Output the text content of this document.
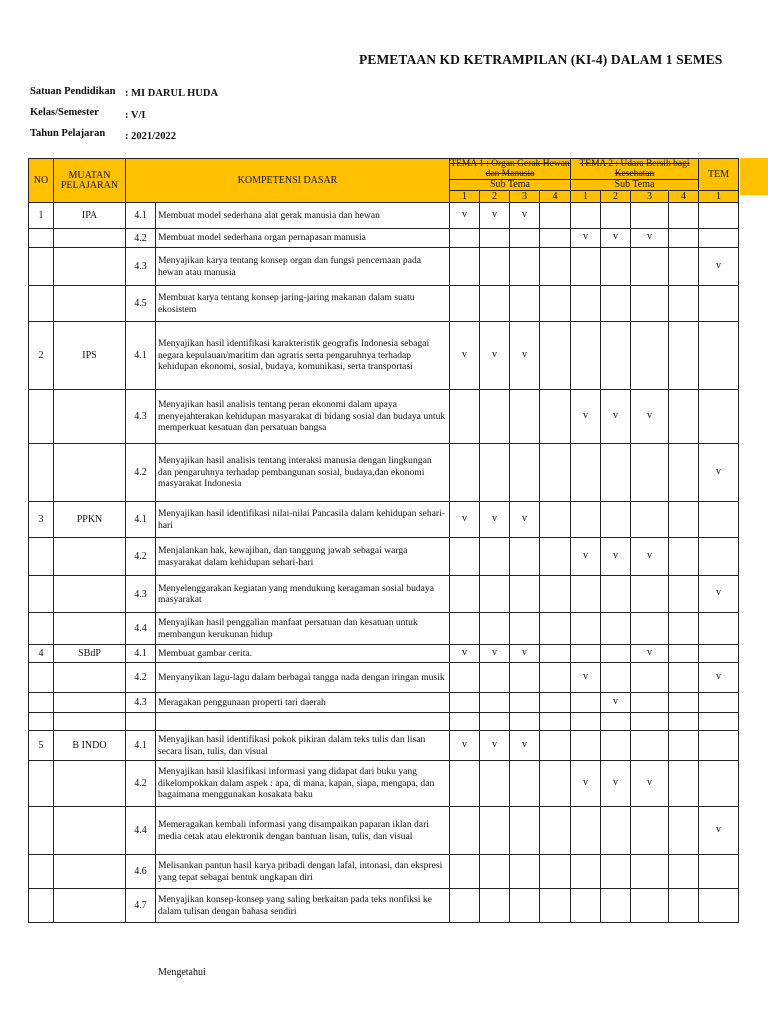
PEMETAAN KD KETRAMPILAN (KI-4) DALAM 1 SEMES
Satuan Pendidikan : MI DARUL HUDA
Kelas/Semester : V/I
Tahun Pelajaran : 2021/2022
NO	MUATAN PELAJARAN	KOMPETENSI DASAR		TEMA 1 : Organ Gerak Hewan dan Manusia				TEMA 2 : Udara Bersih bagi Kesehatan				TEM
				Sub Tema				Sub Tema				
				1	2	3	4	1	2	3	4	1
1	IPA	4.1	Membuat model sederhana alat gerak manusia dan hewan	v	v	v						
		4.2	Membuat model sederhana organ pernapasan manusia					v	v	v		
		4.3	Menyajikan karya tentang konsep organ dan fungsi pencernaan pada hewan atau manusia									v
		4.5	Membuat karya tentang konsep jaring-jaring makanan dalam suatu ekosistem									
2	IPS	4.1	Menyajikan hasil identifikasi karakteristik geografis Indonesia sebagai negara kepulauan/maritim dan agraris serta pengaruhnya terhadap kehidupan ekonomi, sosial, budaya, komunikasi, serta transportasi	v	v	v						
		4.3	Menyajikan hasil analisis tentang peran ekonomi dalam upaya menyejahterakan kehidupan masyarakat di bidang sosial dan budaya untuk memperkuat kesatuan dan persatuan bangsa					v	v	v		
		4.2	Menyajikan hasil analisis tentang interaksi manusia dengan lingkungan dan pengaruhnya terhadap pembangunan sosial, budaya,dan ekonomi masyarakat Indonesia									v
3	PPKN	4.1	Menyajikan hasil identifikasi nilai-nilai Pancasila dalam kehidupan sehari-hari	v	v	v						
		4.2	Menjalankan hak, kewajiban, dan tanggung jawab sebagai warga masyarakat dalam kehidupan sehari-hari					v	v	v		
		4.3	Menyelenggarakan kegiatan yang mendukung keragaman sosial budaya masyarakat									v
		4.4	Menyajikan hasil penggalian manfaat persatuan dan kesatuan untuk membangun kerukunan hidup									
4	SBdP	4.1	Membuat gambar cerita.	v	v	v				v		
		4.2	Menyanyikan lagu-lagu dalam berbagai tangga nada dengan iringan musik					v				v
		4.3	Meragakan penggunaan properti tari daerah						v			

5	B INDO	4.1	Menyajikan hasil identifikasi pokok pikiran dalam teks tulis dan lisan secara lisan, tulis, dan visual	v	v	v						
		4.2	Menyajikan hasil klasifikasi informasi yang didapat dari buku yang dikelompokkan dalam aspek : apa, di mana, kapan, siapa, mengapa, dan bagaimana menggunakan kosakata baku					v	v	v		
		4.4	Memeragakan kembali informasi yang disampaikan paparan iklan dari media cetak atau elektronik dengan bantuan lisan, tulis, dan visual									v
		4.6	Melisankan pantun hasil karya pribadi dengan lafal, intonasi, dan ekspresi yang tepat sebagai bentuk ungkapan diri									
		4.7	Menyajikan konsep-konsep yang saling berkaitan pada teks nonfiksi ke dalam tulisan dengan bahasa sendiri									
Mengetahui
